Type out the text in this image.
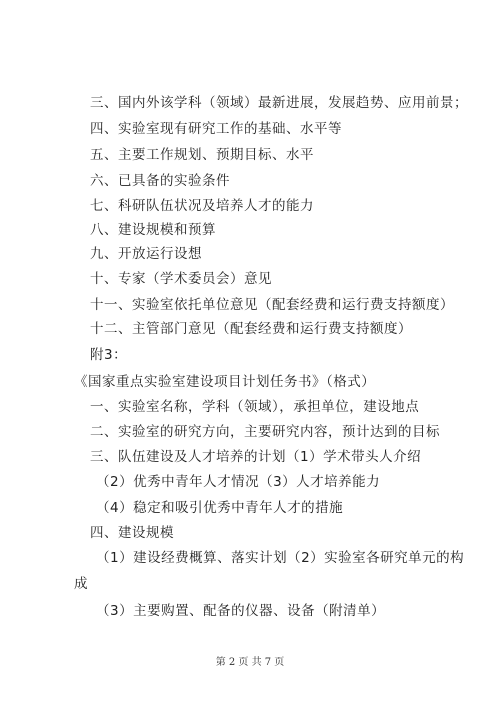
三、国内外该学科（领域）最新进展，发展趋势、应用前景；
四、实验室现有研究工作的基础、水平等
五、主要工作规划、预期目标、水平
六、已具备的实验条件
七、科研队伍状况及培养人才的能力
八、建设规模和预算
九、开放运行设想
十、专家（学术委员会）意见
十一、实验室依托单位意见（配套经费和运行费支持额度）
十二、主管部门意见（配套经费和运行费支持额度）
附3：
《国家重点实验室建设项目计划任务书》（格式）
一、实验室名称，学科（领域），承担单位，建设地点
二、实验室的研究方向，主要研究内容，预计达到的目标
三、队伍建设及人才培养的计划（1）学术带头人介绍
（2）优秀中青年人才情况（3）人才培养能力
（4）稳定和吸引优秀中青年人才的措施
四、建设规模
（1）建设经费概算、落实计划（2）实验室各研究单元的构
成
（3）主要购置、配备的仪器、设备（附清单）
第 2 页 共 7 页
